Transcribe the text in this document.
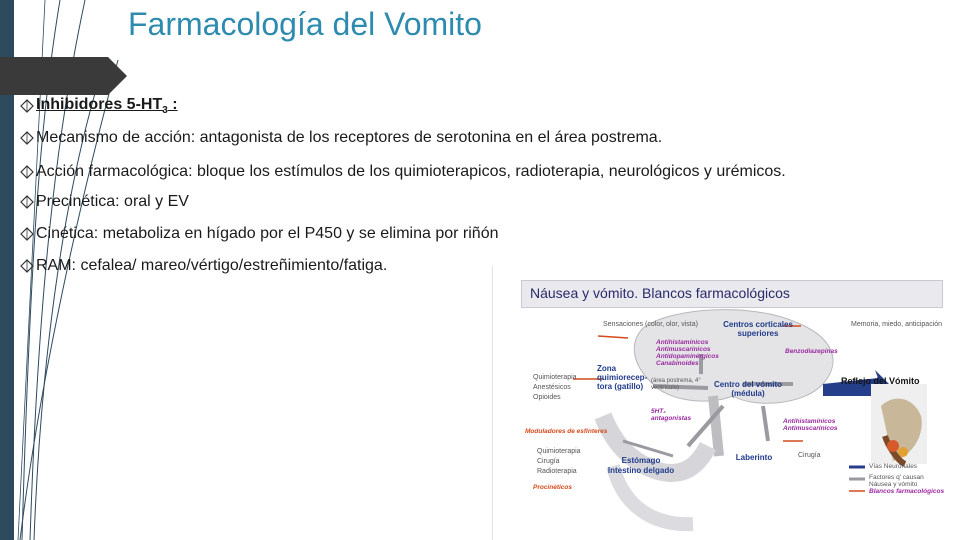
Farmacología del Vomito
Inhibidores $5-HT_3$ :
Mecanismo de acción: antagonista de los receptores de serotonina en el área postrema.
Acción farmacológica: bloque los estímulos de los quimioterapicos, radioterapia, neurológicos y urémicos.
Precinética: oral y EV
Cinética: metaboliza en hígado por el P450 y se elimina por riñón
RAM: cefalea/ mareo/vértigo/estreñimiento/fatiga.
Náusea y vómito. Blancos farmacológicos
Sensaciones (color, olor, vista)	Memoria, miedo, anticipación
Centros corticales superiores
Antihistamínicos
Antimuscarínicos
Antidopaminérgicos
Canabinoides
Benzodiazepinas
Quimioterapia
Anestésicos
Opioides
Zona quimiorecep-tora (gatillo)
(área postrema, 4° ventrículo)	Centro del vómito (médula)
Reflejo del Vómito
5HT₃ antagonistas
Moduladores de esfínteres
Antihistamínicos
Antimuscarínicos
Quimioterapia
Cirugía
Radioterapia
Estómago
Intestino delgado
Laberinto	Cirugía
Procinéticos
Vías Neuronales
Factores q' causan Náusea y vómito
Blancos farmacológicos
